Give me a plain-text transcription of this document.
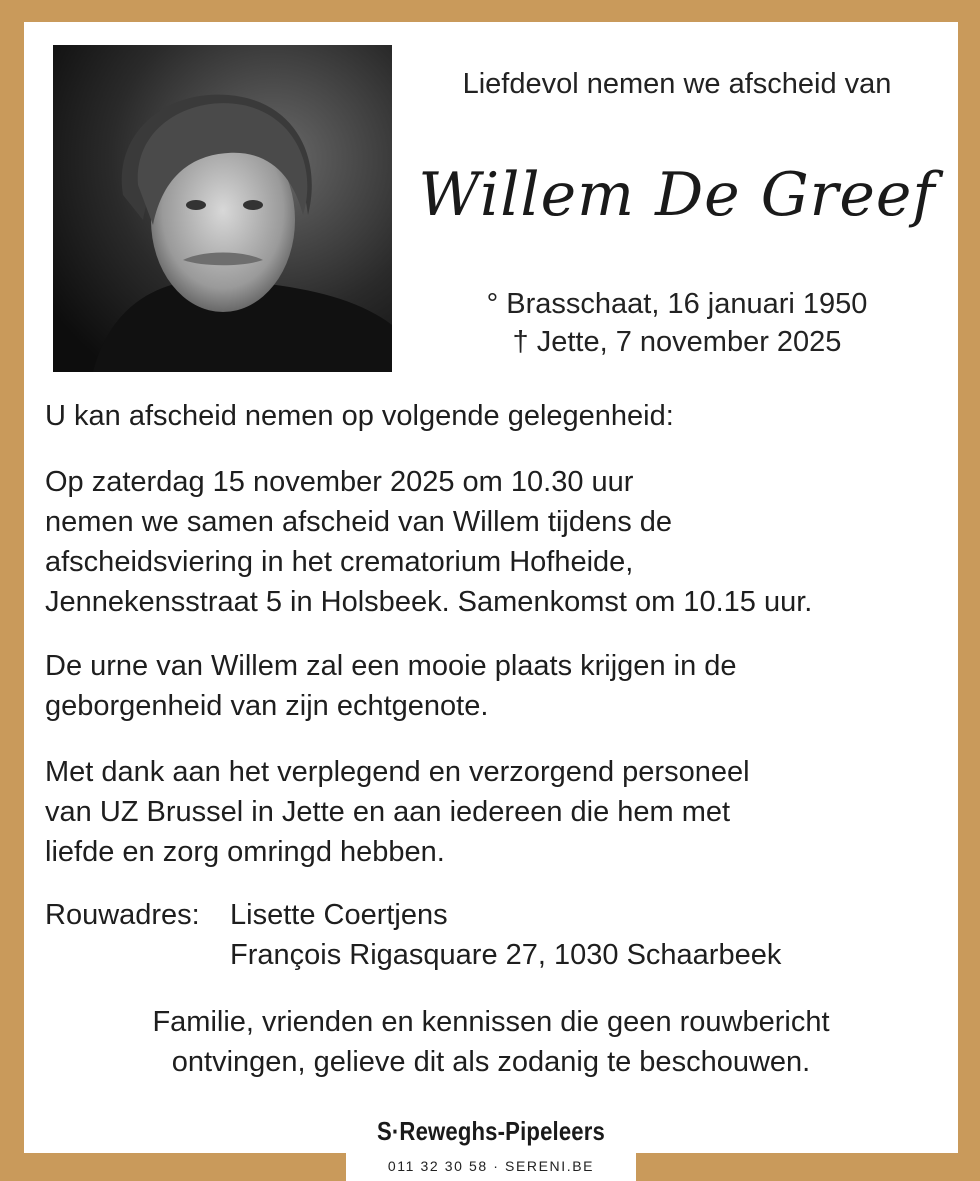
Liefdevol nemen we afscheid van
Willem De Greef
° Brasschaat, 16 januari 1950
† Jette, 7 november 2025
U kan afscheid nemen op volgende gelegenheid:
Op zaterdag 15 november 2025 om 10.30 uur
nemen we samen afscheid van Willem tijdens de
afscheidsviering in het crematorium Hofheide,
Jennekensstraat 5 in Holsbeek. Samenkomst om 10.15 uur.
De urne van Willem zal een mooie plaats krijgen in de
geborgenheid van zijn echtgenote.
Met dank aan het verplegend en verzorgend personeel
van UZ Brussel in Jette en aan iedereen die hem met
liefde en zorg omringd hebben.
Rouwadres:	Lisette Coertjens
François Rigasquare 27, 1030 Schaarbeek
Familie, vrienden en kennissen die geen rouwbericht
ontvingen, gelieve dit als zodanig te beschouwen.
S·Reweghs-Pipeleers
011 32 30 58 · SERENI.BE
